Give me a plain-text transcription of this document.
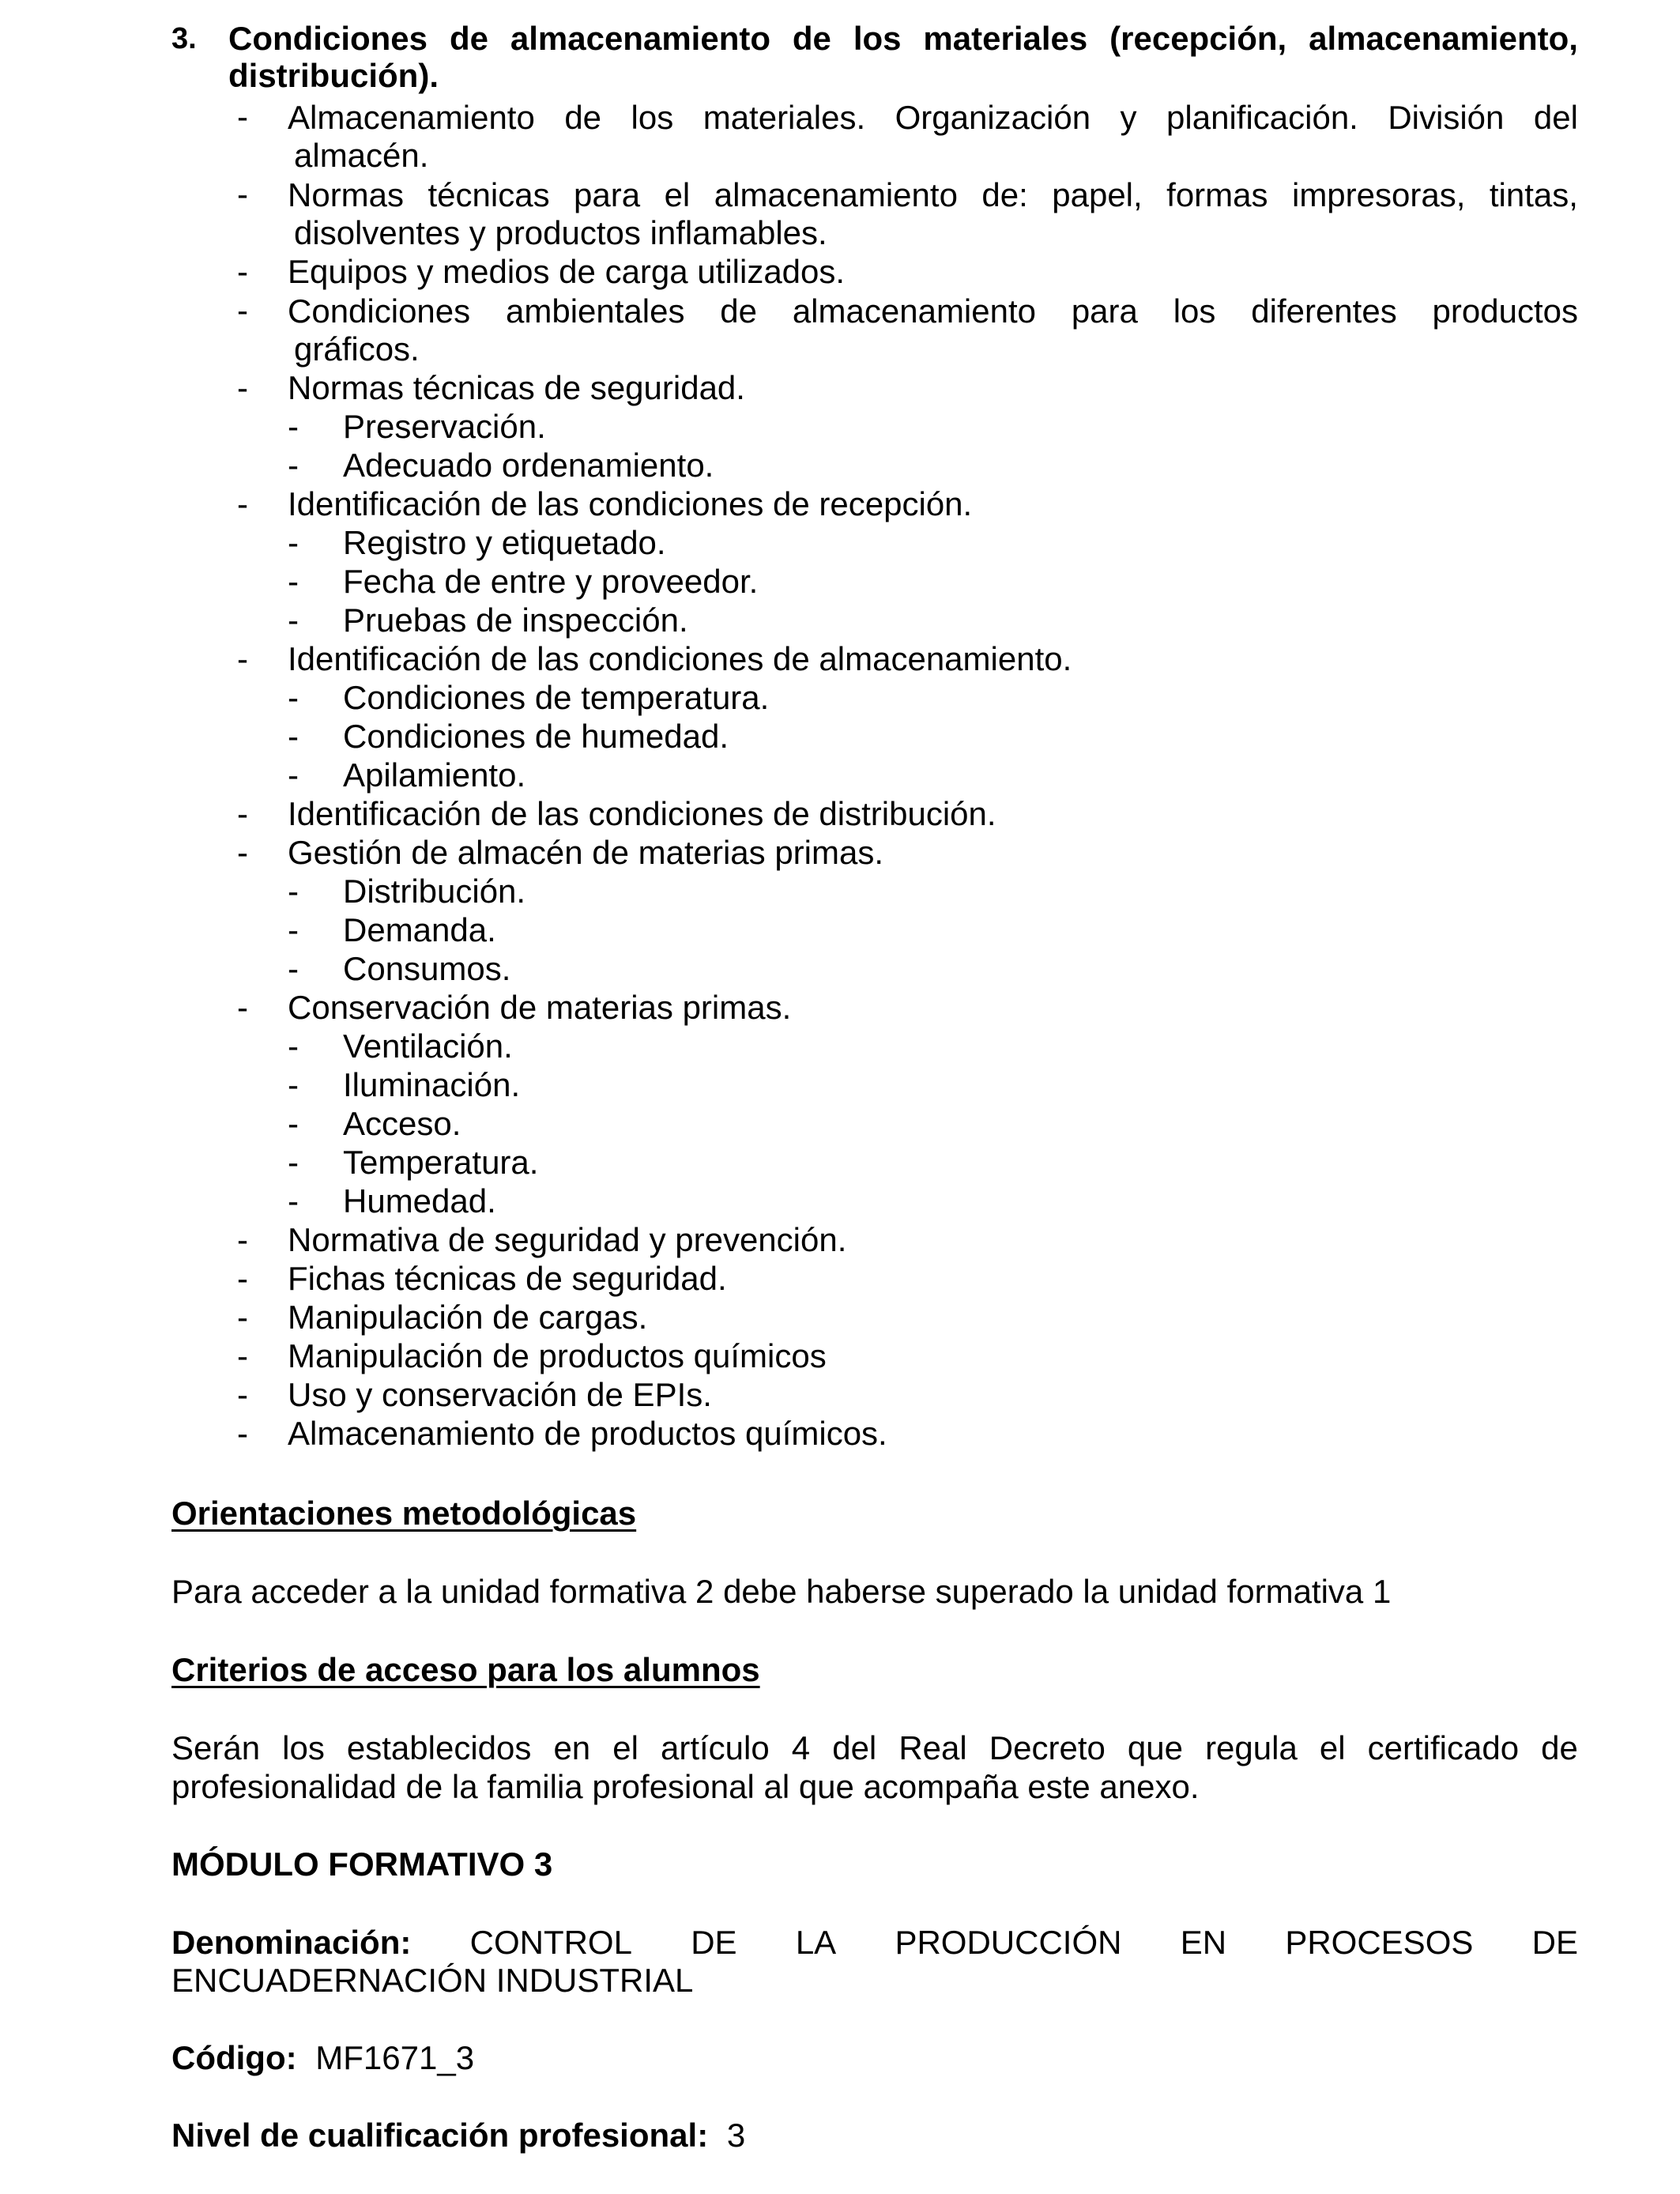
3. Condiciones de almacenamiento de los materiales (recepción, almacenamiento,
distribución).
- Almacenamiento de los materiales. Organización y planificación. División del
almacén.
- Normas técnicas para el almacenamiento de: papel, formas impresoras, tintas,
disolventes y productos inflamables.
- Equipos y medios de carga utilizados.
- Condiciones ambientales de almacenamiento para los diferentes productos
gráficos.
- Normas técnicas de seguridad.
- Preservación.
- Adecuado ordenamiento.
- Identificación de las condiciones de recepción.
- Registro y etiquetado.
- Fecha de entre y proveedor.
- Pruebas de inspección.
- Identificación de las condiciones de almacenamiento.
- Condiciones de temperatura.
- Condiciones de humedad.
- Apilamiento.
- Identificación de las condiciones de distribución.
- Gestión de almacén de materias primas.
- Distribución.
- Demanda.
- Consumos.
- Conservación de materias primas.
- Ventilación.
- Iluminación.
- Acceso.
- Temperatura.
- Humedad.
- Normativa de seguridad y prevención.
- Fichas técnicas de seguridad.
- Manipulación de cargas.
- Manipulación de productos químicos
- Uso y conservación de EPIs.
- Almacenamiento de productos químicos.
Orientaciones metodológicas
Para acceder a la unidad formativa 2 debe haberse superado la unidad formativa 1
Criterios de acceso para los alumnos
Serán los establecidos en el artículo 4 del Real Decreto que regula el certificado de
profesionalidad de la familia profesional al que acompaña este anexo.
MÓDULO FORMATIVO 3
Denominación: CONTROL DE LA PRODUCCIÓN EN PROCESOS DE
ENCUADERNACIÓN INDUSTRIAL
Código: MF1671_3
Nivel de cualificación profesional: 3
